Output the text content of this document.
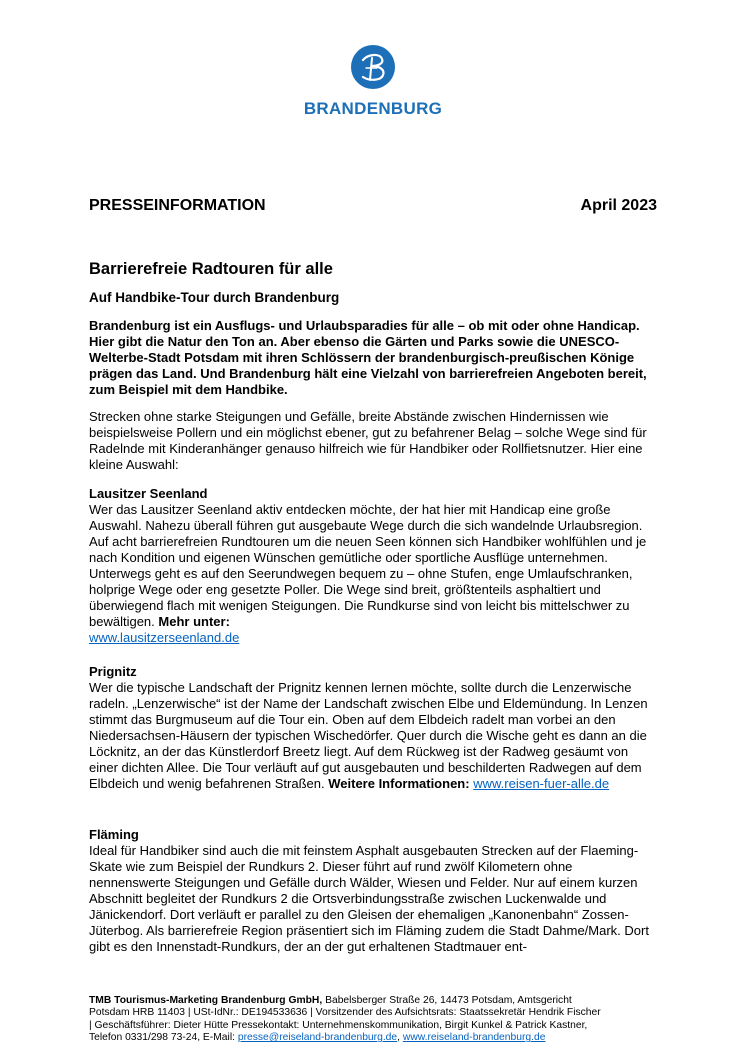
BRANDENBURG
PRESSEINFORMATION	April 2023
Barrierefreie Radtouren für alle
Auf Handbike-Tour durch Brandenburg
Brandenburg ist ein Ausflugs- und Urlaubsparadies für alle – ob mit oder ohne Handicap. Hier gibt die Natur den Ton an. Aber ebenso die Gärten und Parks sowie die UNESCO-Welterbe-Stadt Potsdam mit ihren Schlössern der brandenburgisch-preußischen Könige prägen das Land. Und Brandenburg hält eine Vielzahl von barrierefreien Angeboten bereit, zum Beispiel mit dem Handbike.
Strecken ohne starke Steigungen und Gefälle, breite Abstände zwischen Hindernissen wie beispielsweise Pollern und ein möglichst ebener, gut zu befahrener Belag – solche Wege sind für Radelnde mit Kinderanhänger genauso hilfreich wie für Handbiker oder Rollfietsnutzer. Hier eine kleine Auswahl:
Lausitzer Seenland
Wer das Lausitzer Seenland aktiv entdecken möchte, der hat hier mit Handicap eine große Auswahl. Nahezu überall führen gut ausgebaute Wege durch die sich wandelnde Urlaubsregion. Auf acht barrierefreien Rundtouren um die neuen Seen können sich Handbiker wohlfühlen und je nach Kondition und eigenen Wünschen gemütliche oder sportliche Ausflüge unternehmen. Unterwegs geht es auf den Seerundwegen bequem zu – ohne Stufen, enge Umlaufschranken, holprige Wege oder eng gesetzte Poller. Die Wege sind breit, größtenteils asphaltiert und überwiegend flach mit wenigen Steigungen. Die Rundkurse sind von leicht bis mittelschwer zu bewältigen. Mehr unter:
www.lausitzerseenland.de
Prignitz
Wer die typische Landschaft der Prignitz kennen lernen möchte, sollte durch die Lenzerwische radeln. „Lenzerwische“ ist der Name der Landschaft zwischen Elbe und Eldemündung. In Lenzen stimmt das Burgmuseum auf die Tour ein. Oben auf dem Elbdeich radelt man vorbei an den Niedersachsen-Häusern der typischen Wischedörfer. Quer durch die Wische geht es dann an die Löcknitz, an der das Künstlerdorf Breetz liegt. Auf dem Rückweg ist der Radweg gesäumt von einer dichten Allee. Die Tour verläuft auf gut ausgebauten und beschilderten Radwegen auf dem Elbdeich und wenig befahrenen Straßen. Weitere Informationen: www.reisen-fuer-alle.de
Fläming
Ideal für Handbiker sind auch die mit feinstem Asphalt ausgebauten Strecken auf der Flaeming-Skate wie zum Beispiel der Rundkurs 2. Dieser führt auf rund zwölf Kilometern ohne nennenswerte Steigungen und Gefälle durch Wälder, Wiesen und Felder. Nur auf einem kurzen Abschnitt begleitet der Rundkurs 2 die Ortsverbindungsstraße zwischen Luckenwalde und Jänickendorf. Dort verläuft er parallel zu den Gleisen der ehemaligen „Kanonenbahn“ Zossen-Jüterbog. Als barrierefreie Region präsentiert sich im Fläming zudem die Stadt Dahme/Mark. Dort gibt es den Innenstadt-Rundkurs, der an der gut erhaltenen Stadtmauer ent-
TMB Tourismus-Marketing Brandenburg GmbH, Babelsberger Straße 26, 14473 Potsdam, Amtsgericht
Potsdam HRB 11403 | USt-IdNr.: DE194533636 | Vorsitzender des Aufsichtsrats: Staatssekretär Hendrik Fischer
| Geschäftsführer: Dieter Hütte Pressekontakt: Unternehmenskommunikation, Birgit Kunkel & Patrick Kastner,
Telefon 0331/298 73-24, E-Mail: presse@reiseland-brandenburg.de, www.reiseland-brandenburg.de
